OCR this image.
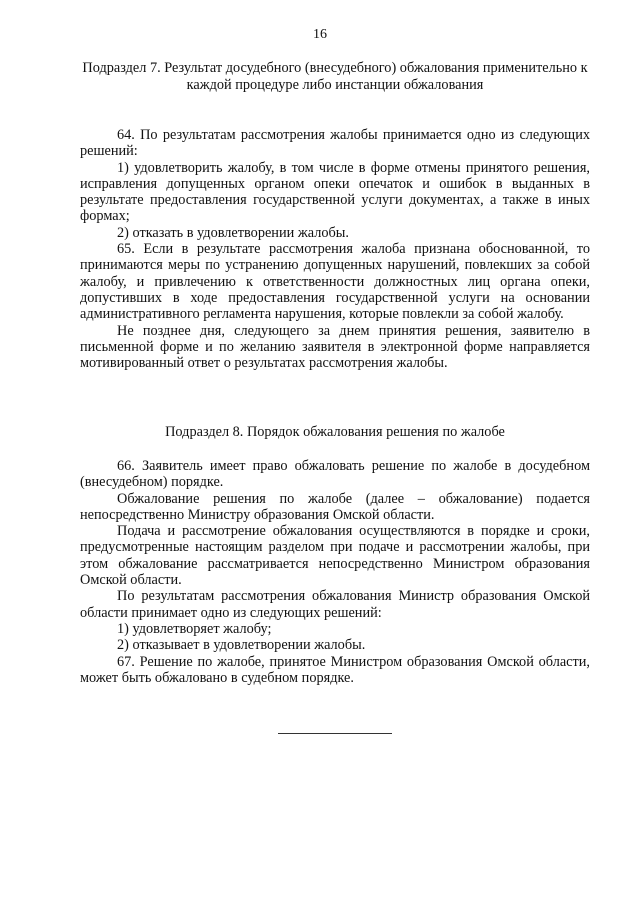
16
Подраздел 7. Результат досудебного (внесудебного) обжалования применительно к каждой процедуре либо инстанции обжалования

64. По результатам рассмотрения жалобы принимается одно из следующих решений:

1) удовлетворить жалобу, в том числе в форме отмены принятого решения, исправления допущенных органом опеки опечаток и ошибок в выданных в результате предоставления государственной услуги документах, а также в иных формах;

2) отказать в удовлетворении жалобы.

65. Если в результате рассмотрения жалоба признана обоснованной, то принимаются меры по устранению допущенных нарушений, повлекших за собой жалобу, и привлечению к ответственности должностных лиц органа опеки, допустивших в ходе предоставления государственной услуги на основании административного регламента нарушения, которые повлекли за собой жалобу.

Не позднее дня, следующего за днем принятия решения, заявителю в письменной форме и по желанию заявителя в электронной форме направляется мотивированный ответ о результатах рассмотрения жалобы.

Подраздел 8. Порядок обжалования решения по жалобе

66. Заявитель имеет право обжаловать решение по жалобе в досудебном (внесудебном) порядке.

Обжалование решения по жалобе (далее – обжалование) подается непосредственно Министру образования Омской области.

Подача и рассмотрение обжалования осуществляются в порядке и сроки, предусмотренные настоящим разделом при подаче и рассмотрении жалобы, при этом обжалование рассматривается непосредственно Министром образования Омской области.

По результатам рассмотрения обжалования Министр образования Омской области принимает одно из следующих решений:

1) удовлетворяет жалобу;

2) отказывает в удовлетворении жалобы.

67. Решение по жалобе, принятое Министром образования Омской области, может быть обжаловано в судебном порядке.
